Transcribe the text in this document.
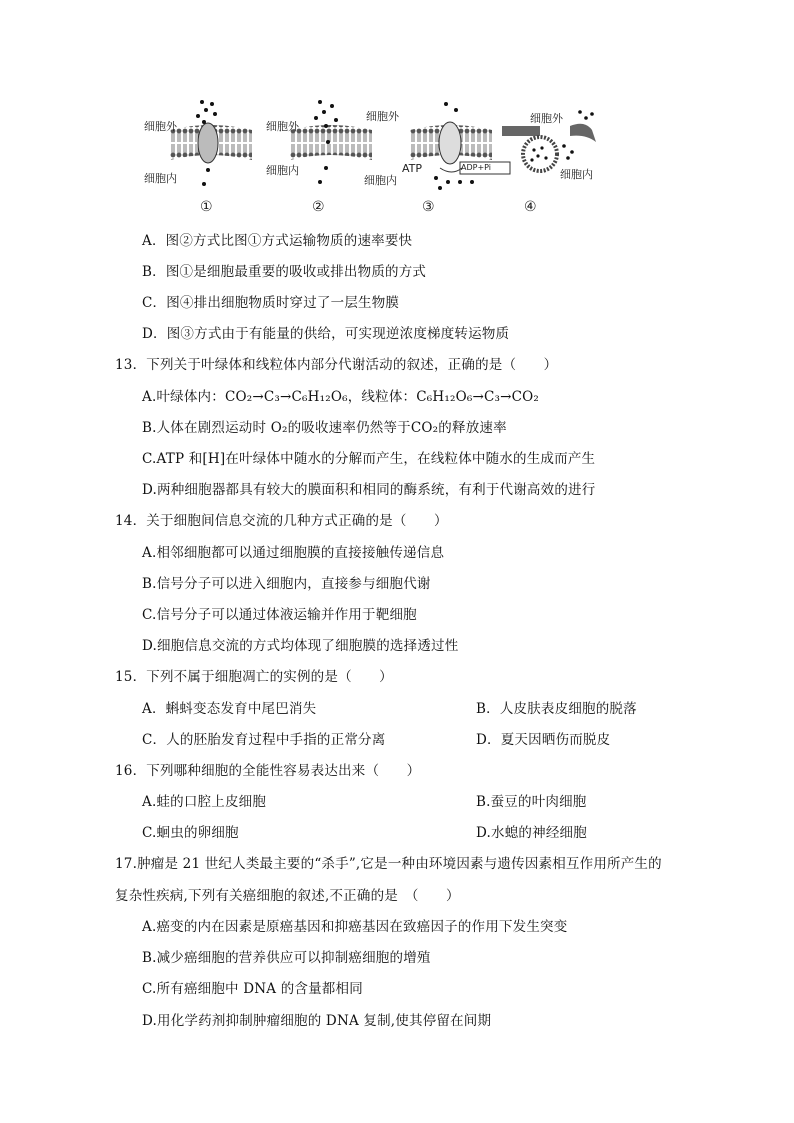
细胞外
细胞内
细胞外
细胞内
细胞外
细胞内
ATP	ADP+Pi
细胞外
细胞内
①	②	③	④
A．图②方式比图①方式运输物质的速率要快
B．图①是细胞最重要的吸收或排出物质的方式
C．图④排出细胞物质时穿过了一层生物膜
D．图③方式由于有能量的供给，可实现逆浓度梯度转运物质
13．下列关于叶绿体和线粒体内部分代谢活动的叙述，正确的是（　　）
A.叶绿体内：CO₂→C₃→C₆H₁₂O₆，线粒体：C₆H₁₂O₆→C₃→CO₂
B.人体在剧烈运动时 O₂的吸收速率仍然等于CO₂的释放速率
C.ATP 和[H]在叶绿体中随水的分解而产生，在线粒体中随水的生成而产生
D.两种细胞器都具有较大的膜面积和相同的酶系统，有利于代谢高效的进行
14．关于细胞间信息交流的几种方式正确的是（　　）
A.相邻细胞都可以通过细胞膜的直接接触传递信息
B.信号分子可以进入细胞内，直接参与细胞代谢
C.信号分子可以通过体液运输并作用于靶细胞
D.细胞信息交流的方式均体现了细胞膜的选择透过性
15．下列不属于细胞凋亡的实例的是（　　）
A．蝌蚪变态发育中尾巴消失	B．人皮肤表皮细胞的脱落
C．人的胚胎发育过程中手指的正常分离	D．夏天因晒伤而脱皮
16．下列哪种细胞的全能性容易表达出来（　　）
A.蛙的口腔上皮细胞	B.蚕豆的叶肉细胞
C.蛔虫的卵细胞	D.水螅的神经细胞
17.肿瘤是 21 世纪人类最主要的“杀手”,它是一种由环境因素与遗传因素相互作用所产生的
复杂性疾病,下列有关癌细胞的叙述,不正确的是　（　　）
A.癌变的内在因素是原癌基因和抑癌基因在致癌因子的作用下发生突变
B.减少癌细胞的营养供应可以抑制癌细胞的增殖
C.所有癌细胞中 DNA 的含量都相同
D.用化学药剂抑制肿瘤细胞的 DNA 复制,使其停留在间期
